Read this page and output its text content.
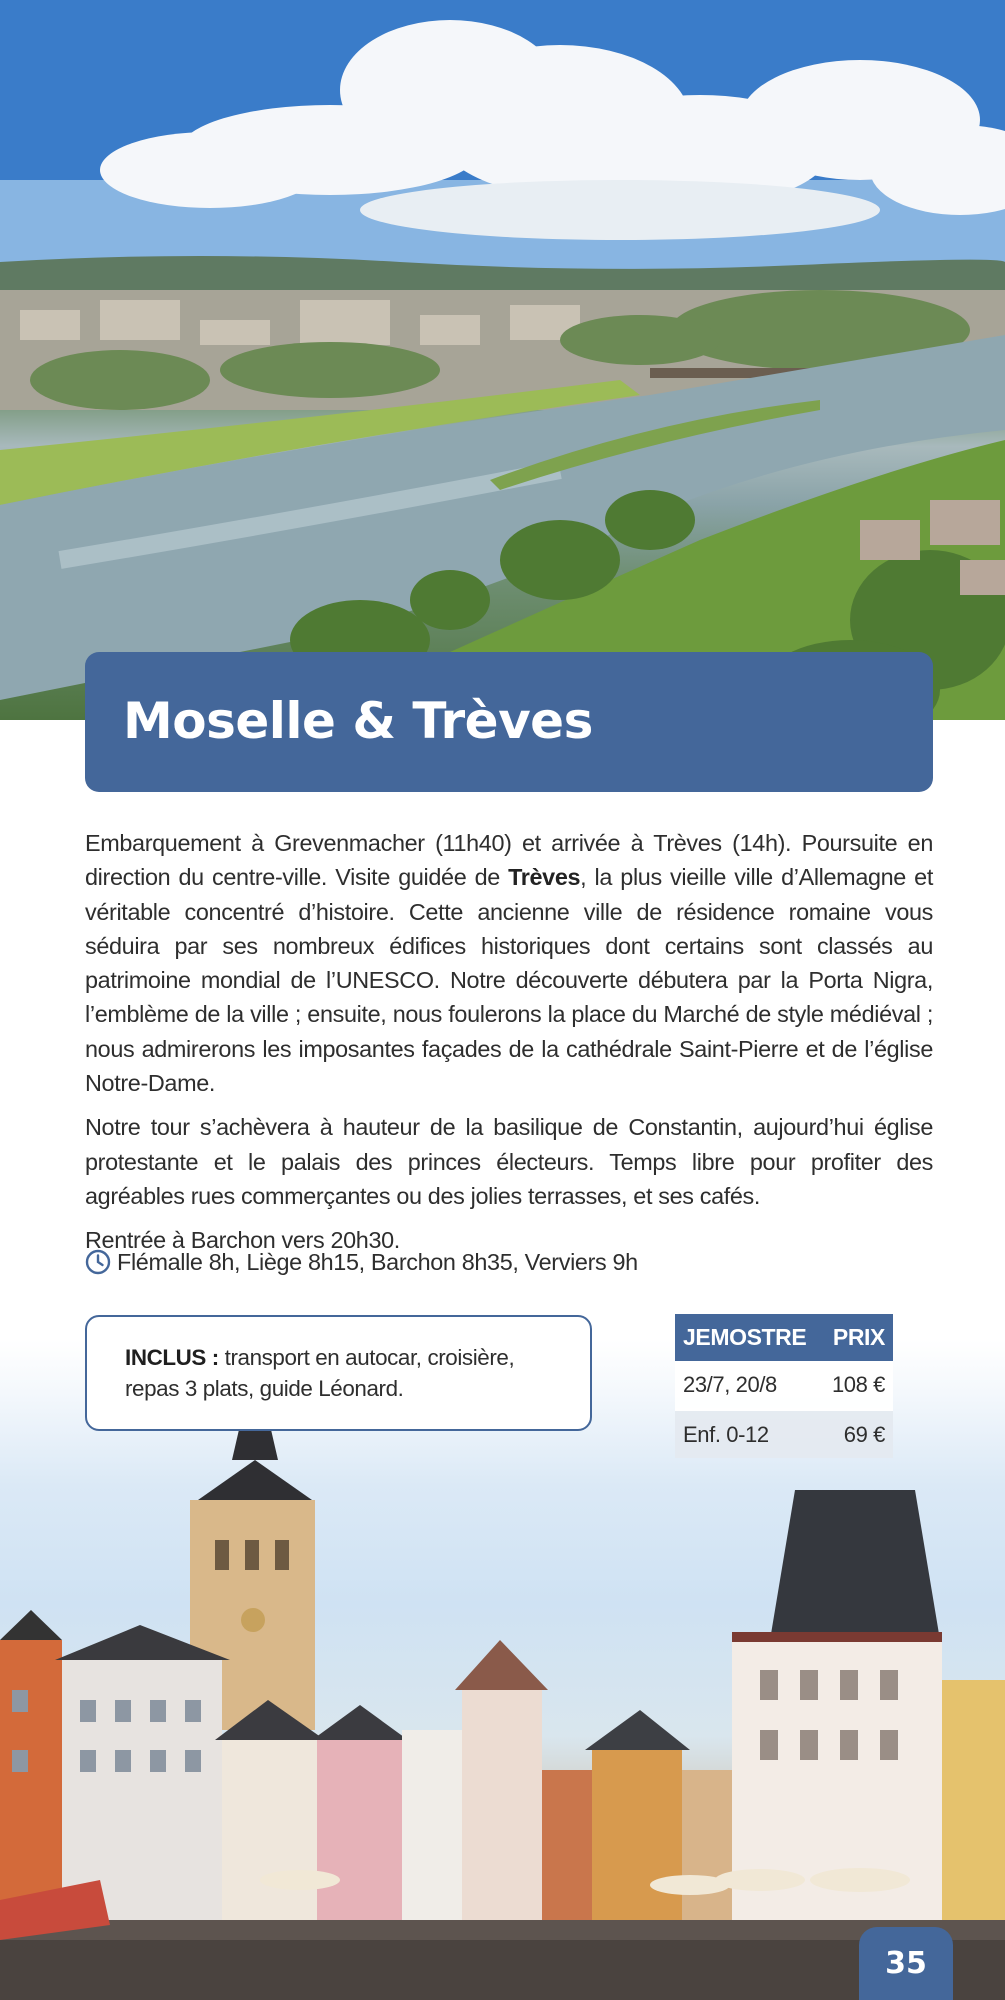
Moselle & Trèves

Embarquement à Grevenmacher (11h40) et arrivée à Trèves (14h). Poursuite en direction du centre-ville. Visite guidée de Trèves, la plus vieille ville d’Allemagne et véritable concentré d’histoire. Cette ancienne ville de résidence romaine vous séduira par ses nombreux édifices historiques dont certains sont classés au patrimoine mondial de l’UNESCO. Notre découverte débutera par la Porta Nigra, l’emblème de la ville ; ensuite, nous foulerons la place du Marché de style médiéval ; nous admirerons les imposantes façades de la cathédrale Saint-Pierre et de l’église Notre-Dame.

Notre tour s’achèvera à hauteur de la basilique de Constantin, aujourd’hui église protestante et le palais des princes électeurs. Temps libre pour profiter des agréables rues commerçantes ou des jolies terrasses, et ses cafés.

Rentrée à Barchon vers 20h30.

Flémalle 8h, Liège 8h15, Barchon 8h35, Verviers 9h
INCLUS : transport en autocar, croisière, repas 3 plats, guide Léonard.
JEMOSTRE	PRIX
23/7, 20/8	108 €

Enf. 0-12	69 €
35
